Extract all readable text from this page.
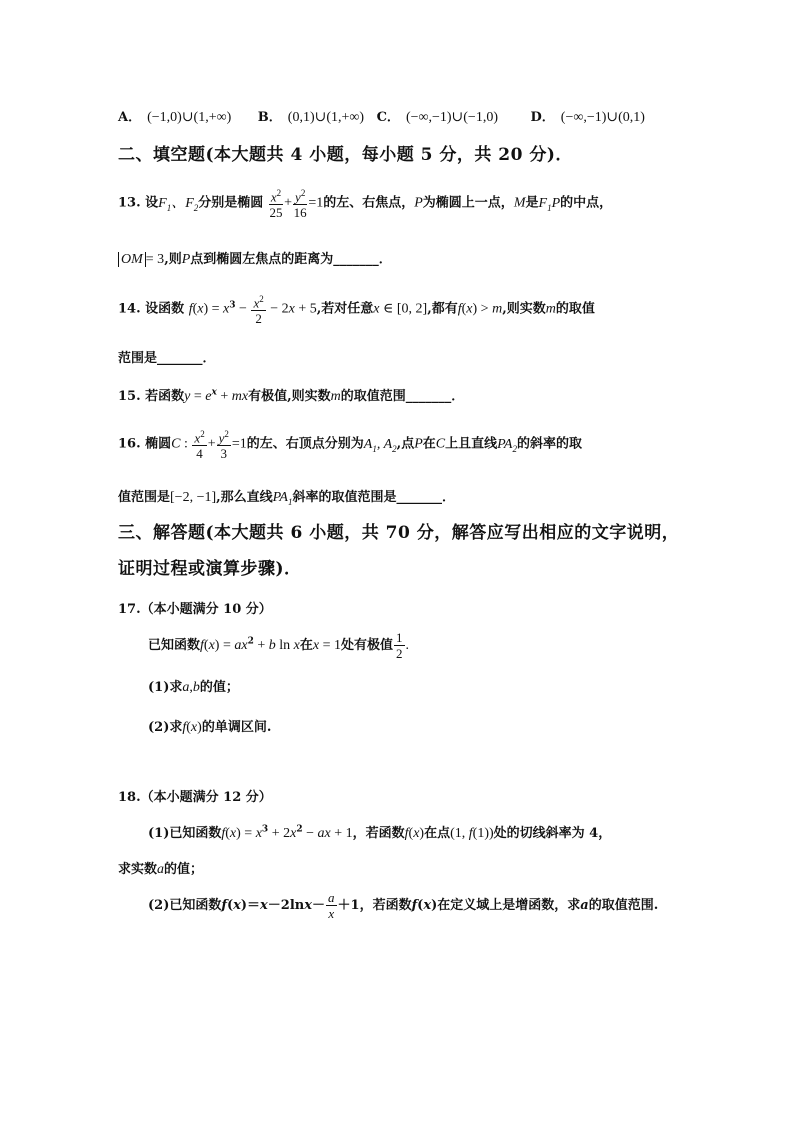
A． (−1,0)∪(1,+∞) B． (0,1)∪(1,+∞) C． (−∞,−1)∪(−1,0)	D． (−∞,−1)∪(0,1)
二、填空题(本大题共 4 小题，每小题 5 分，共 20 分)．
13. 设$F_1$、$F_2$分别是椭圆 $\frac{x^2}{25} + \frac{y^2}{16} =1$的左、右焦点，P为椭圆上一点，M是$F_1P$的中点，
OM = 3,则P点到椭圆左焦点的距离为_______．
14. 设函数 $f(x) = x^3 - \frac{x^2}{2} - 2x + 5$,若对任意x ∈ [0, 2],都有f(x) > m,则实数m的取值
范围是_______．
15. 若函数$y = e^x$ + mx有极值,则实数m的取值范围_______．
16. 椭圆C : $\frac{x^2}{4} + \frac{y^2}{3} =1$的左、右顶点分别为$A_1$, $A_2$,点P在C上且直线$PA_2$的斜率的取
值范围是[−2, −1],那么直线$PA_1$斜率的取值范围是_______．
三、解答题(本大题共 6 小题，共 70 分，解答应写出相应的文字说明，
证明过程或演算步骤)．
17.（本小题满分 10 分）
已知函数$f(x) = ax^2 + b$ ln x在x = 1处有极值 $\frac{1}{2}$ .
(1)求a,b的值；
(2)求f(x)的单调区间.
18.（本小题满分 12 分）
(1)已知函数$f(x) = x^3 + 2x^2$ − ax + 1，若函数f(x)在点(1, f(1))处的切线斜率为 4，
求实数a的值；
(2)已知函数$f(x)=x-2\ln x- \frac{a}{x} +1$，若函数f(x)在定义域上是增函数，求a的取值范围.
